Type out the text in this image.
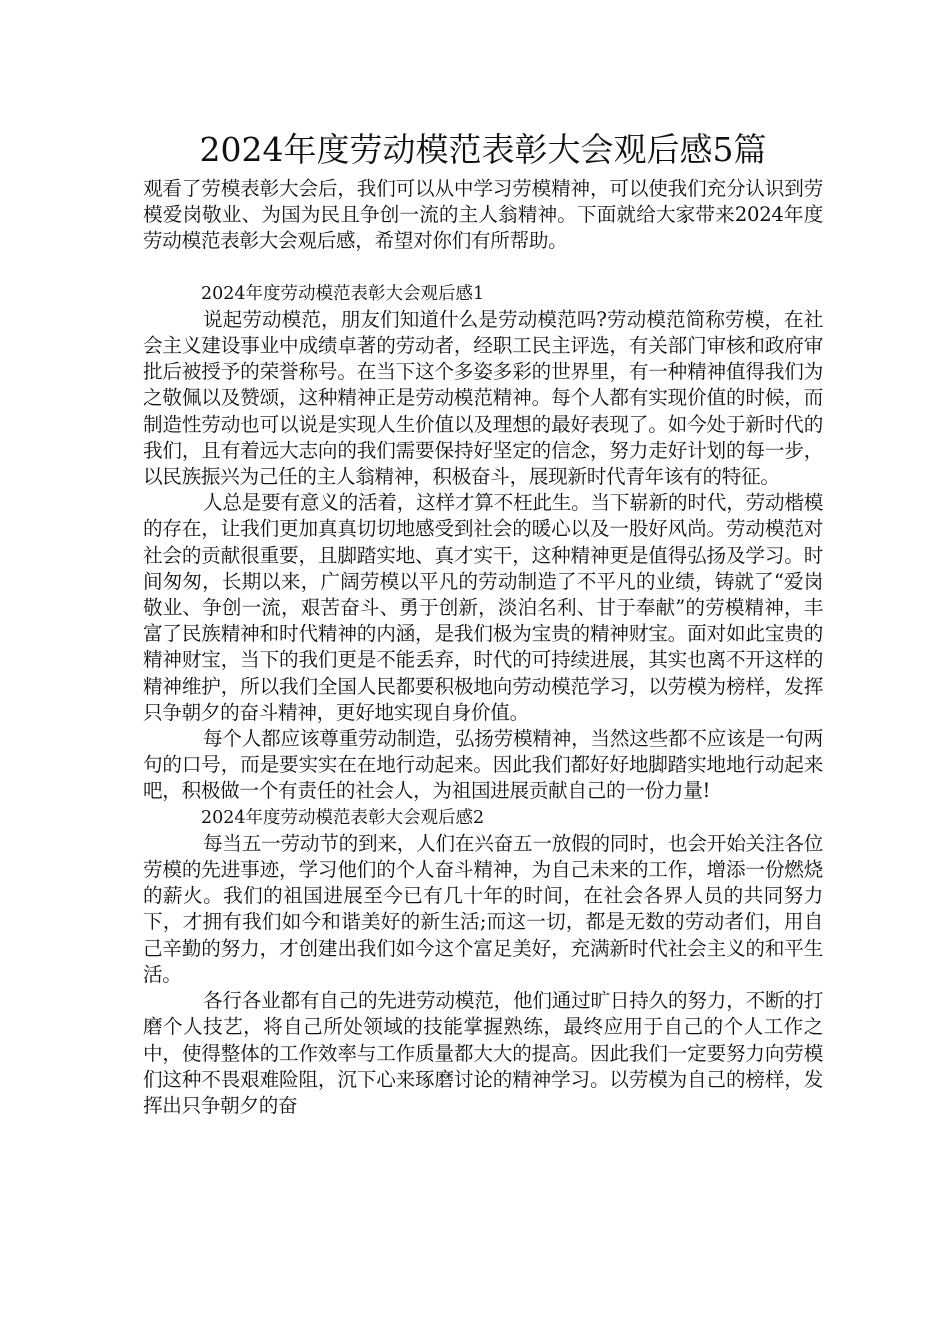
2024年度劳动模范表彰大会观后感5篇

观看了劳模表彰大会后，我们可以从中学习劳模精神，可以使我们充分认识到劳模爱岗敬业、为国为民且争创一流的主人翁精神。下面就给大家带来2024年度劳动模范表彰大会观后感，希望对你们有所帮助。

2024年度劳动模范表彰大会观后感1

说起劳动模范，朋友们知道什么是劳动模范吗?劳动模范简称劳模，在社会主义建设事业中成绩卓著的劳动者，经职工民主评选，有关部门审核和政府审批后被授予的荣誉称号。在当下这个多姿多彩的世界里，有一种精神值得我们为之敬佩以及赞颂，这种精神正是劳动模范精神。每个人都有实现价值的时候，而制造性劳动也可以说是实现人生价值以及理想的最好表现了。如今处于新时代的我们，且有着远大志向的我们需要保持好坚定的信念，努力走好计划的每一步，以民族振兴为己任的主人翁精神，积极奋斗，展现新时代青年该有的特征。

人总是要有意义的活着，这样才算不枉此生。当下崭新的时代，劳动楷模的存在，让我们更加真真切切地感受到社会的暖心以及一股好风尚。劳动模范对社会的贡献很重要，且脚踏实地、真才实干，这种精神更是值得弘扬及学习。时间匆匆，长期以来，广阔劳模以平凡的劳动制造了不平凡的业绩，铸就了“爱岗敬业、争创一流，艰苦奋斗、勇于创新，淡泊名利、甘于奉献”的劳模精神，丰富了民族精神和时代精神的内涵，是我们极为宝贵的精神财宝。面对如此宝贵的精神财宝，当下的我们更是不能丢弃，时代的可持续进展，其实也离不开这样的精神维护，所以我们全国人民都要积极地向劳动模范学习，以劳模为榜样，发挥只争朝夕的奋斗精神，更好地实现自身价值。

每个人都应该尊重劳动制造，弘扬劳模精神，当然这些都不应该是一句两句的口号，而是要实实在在地行动起来。因此我们都好好地脚踏实地地行动起来吧，积极做一个有责任的社会人，为祖国进展贡献自己的一份力量!

2024年度劳动模范表彰大会观后感2

每当五一劳动节的到来，人们在兴奋五一放假的同时，也会开始关注各位劳模的先进事迹，学习他们的个人奋斗精神，为自己未来的工作，增添一份燃烧的薪火。我们的祖国进展至今已有几十年的时间，在社会各界人员的共同努力下，才拥有我们如今和谐美好的新生活;而这一切，都是无数的劳动者们，用自己辛勤的努力，才创建出我们如今这个富足美好，充满新时代社会主义的和平生活。

各行各业都有自己的先进劳动模范，他们通过旷日持久的努力，不断的打磨个人技艺，将自己所处领域的技能掌握熟练，最终应用于自己的个人工作之中，使得整体的工作效率与工作质量都大大的提高。因此我们一定要努力向劳模们这种不畏艰难险阻，沉下心来琢磨讨论的精神学习。以劳模为自己的榜样，发挥出只争朝夕的奋
